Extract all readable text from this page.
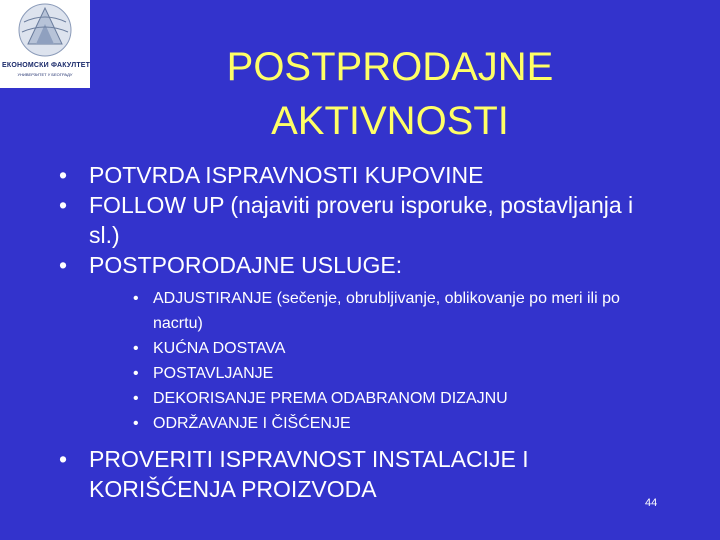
ЕКОНОМСКИ ФАКУЛТЕТ
УНИВЕРЗИТЕТ У БЕОГРАДУ	POSTPRODAJNE
AKTIVNOSTI
• POTVRDA ISPRAVNOSTI KUPOVINE
• FOLLOW UP (najaviti proveru isporuke, postavljanja i sl.)
• POSTPORODAJNE USLUGE:
• ADJUSTIRANJE (sečenje, obrubljivanje, oblikovanje po meri ili po nacrtu)
• KUĆNA DOSTAVA
• POSTAVLJANJE
• DEKORISANJE PREMA ODABRANOM DIZAJNU
• ODRŽAVANJE I ČIŠĆENJE
• PROVERITI ISPRAVNOST INSTALACIJE I KORIŠĆENJA PROIZVODA
44
